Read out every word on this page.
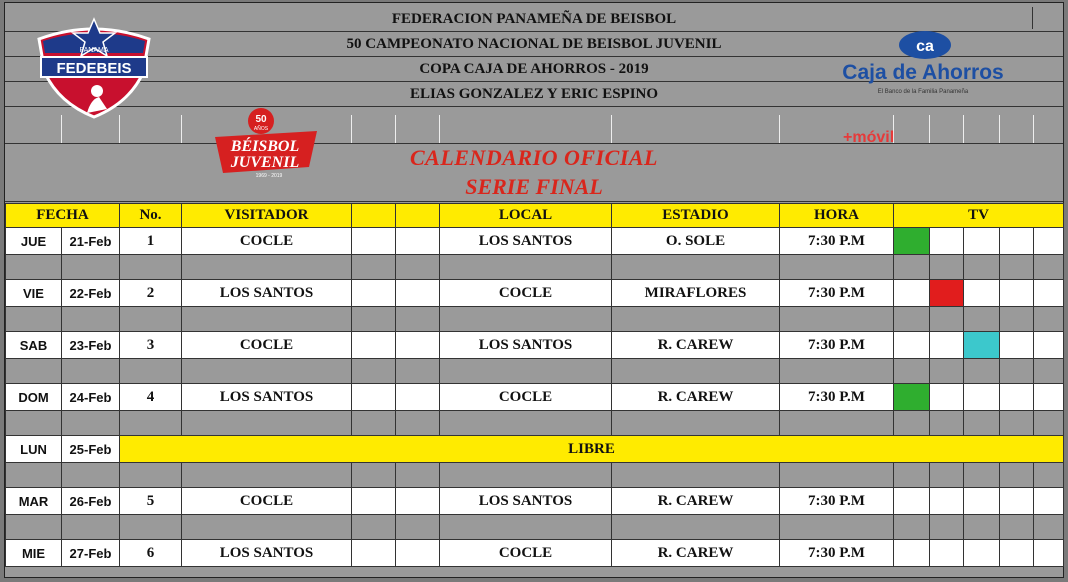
FEDERACION PANAMEÑA DE BEISBOL
50 CAMPEONATO NACIONAL DE BEISBOL JUVENIL
COPA CAJA DE AHORROS - 2019
ELIAS GONZALEZ Y ERIC ESPINO
PANAMA
FEDEBEIS
ca
Caja de Ahorros
El Banco de la Familia Panameña
50
AÑOS
BÉISBOL
JUVENIL
1969 - 2019
+móvil
CALENDARIO OFICIAL
SERIE FINAL
FECHA		No.	VISITADOR			LOCAL	ESTADIO	HORA	TV				
JUE	21-Feb	1	COCLE			LOS SANTOS	O. SOLE	7:30 P.M					

VIE	22-Feb	2	LOS SANTOS			COCLE	MIRAFLORES	7:30 P.M					

SAB	23-Feb	3	COCLE			LOS SANTOS	R. CAREW	7:30 P.M					

DOM	24-Feb	4	LOS SANTOS			COCLE	R. CAREW	7:30 P.M					

LUN	25-Feb	LIBRE											

MAR	26-Feb	5	COCLE			LOS SANTOS	R. CAREW	7:30 P.M					

MIE	27-Feb	6	LOS SANTOS			COCLE	R. CAREW	7:30 P.M					
